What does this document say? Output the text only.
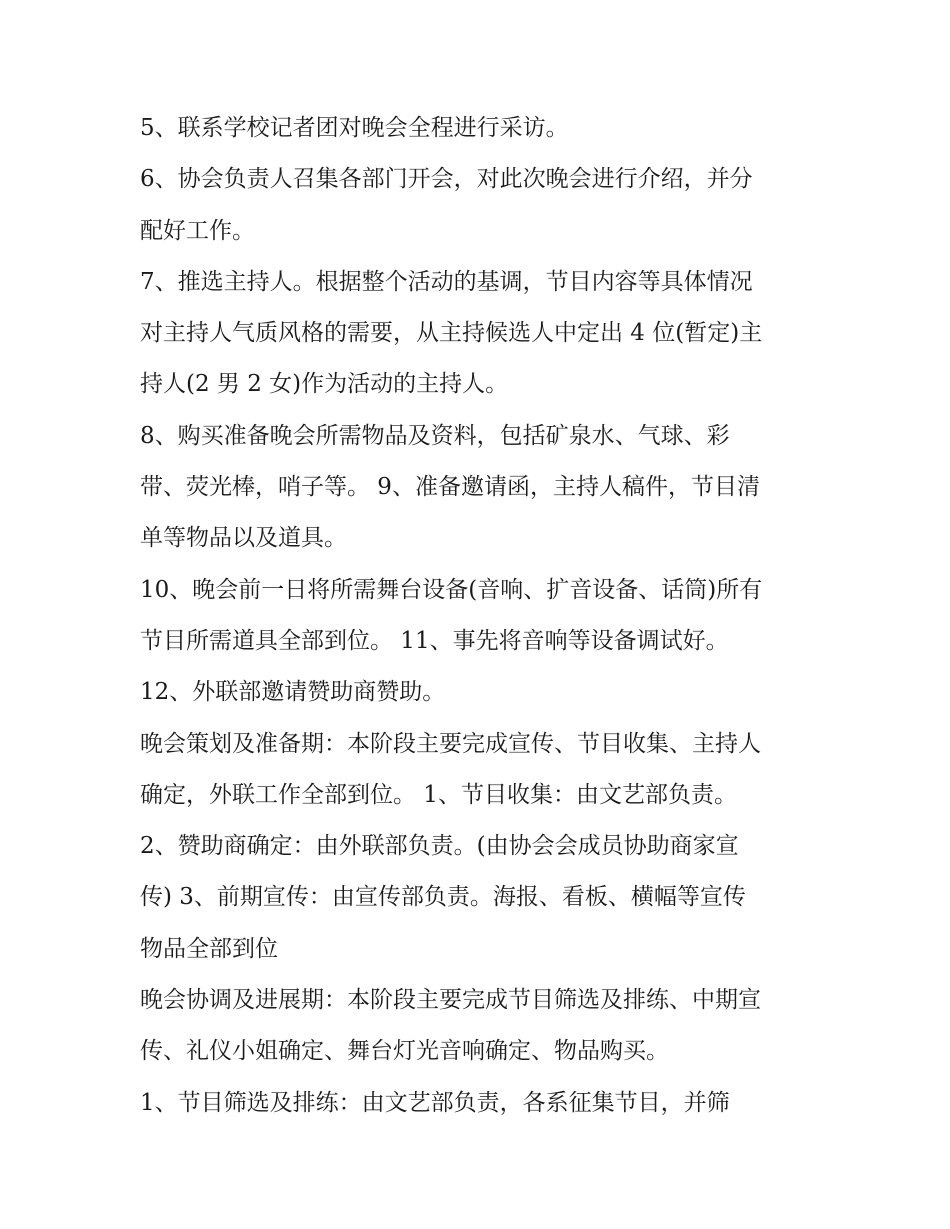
5、联系学校记者团对晚会全程进行采访。
6、协会负责人召集各部门开会，对此次晚会进行介绍，并分
配好工作。
7、推选主持人。根据整个活动的基调，节目内容等具体情况
对主持人气质风格的需要，从主持候选人中定出 4 位(暂定)主
持人(2 男 2 女)作为活动的主持人。
8、购买准备晚会所需物品及资料，包括矿泉水、气球、彩
带、荧光棒，哨子等。 9、准备邀请函，主持人稿件，节目清
单等物品以及道具。
10、晚会前一日将所需舞台设备(音响、扩音设备、话筒)所有
节目所需道具全部到位。 11、事先将音响等设备调试好。
12、外联部邀请赞助商赞助。
晚会策划及准备期：本阶段主要完成宣传、节目收集、主持人
确定，外联工作全部到位。 1、节目收集：由文艺部负责。
2、赞助商确定：由外联部负责。(由协会会成员协助商家宣
传) 3、前期宣传：由宣传部负责。海报、看板、横幅等宣传
物品全部到位
晚会协调及进展期：本阶段主要完成节目筛选及排练、中期宣
传、礼仪小姐确定、舞台灯光音响确定、物品购买。
1、节目筛选及排练：由文艺部负责，各系征集节目，并筛
